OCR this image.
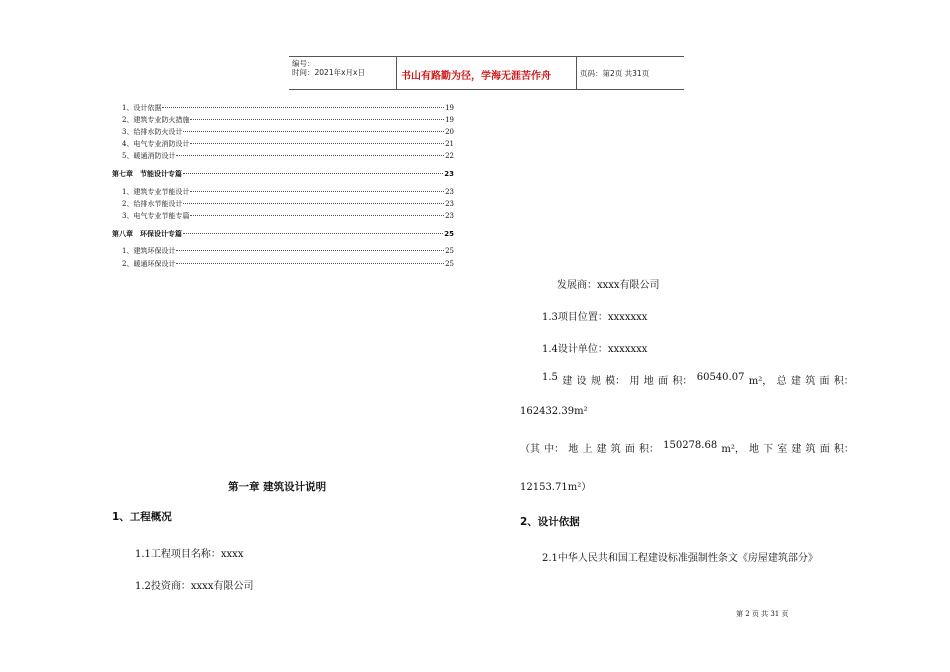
编号：
时间：2021年x月x日	书山有路勤为径，学海无涯苦作舟	页码：第2页 共31页
1、设计依据	19
2、建筑专业防火措施	19
3、给排水防火设计	20
4、电气专业消防设计	21
5、暖通消防设计	22
第七章　节能设计专篇	23
1、建筑专业节能设计	23
2、给排水节能设计	23
3、电气专业节能专篇	23
第八章　环保设计专篇	25
1、建筑环保设计	25
2、暖通环保设计	25
第一章 建筑设计说明
1、工程概况
1.1工程项目名称：xxxx
1.2投资商：xxxx有限公司
发展商：xxxx有限公司
1.3项目位置：xxxxxxx
1.4设计单位：xxxxxxx
1.5 建 设 规 模： 用 地 面 积： 60540.07 m²， 总 建 筑 面 积：
162432.39m²
（其 中： 地 上 建 筑 面 积： 150278.68 m²， 地 下 室 建 筑 面 积：
12153.71m²）
2、设计依据
2.1中华人民共和国工程建设标准强制性条文《房屋建筑部分》
第 2 页 共 31 页
